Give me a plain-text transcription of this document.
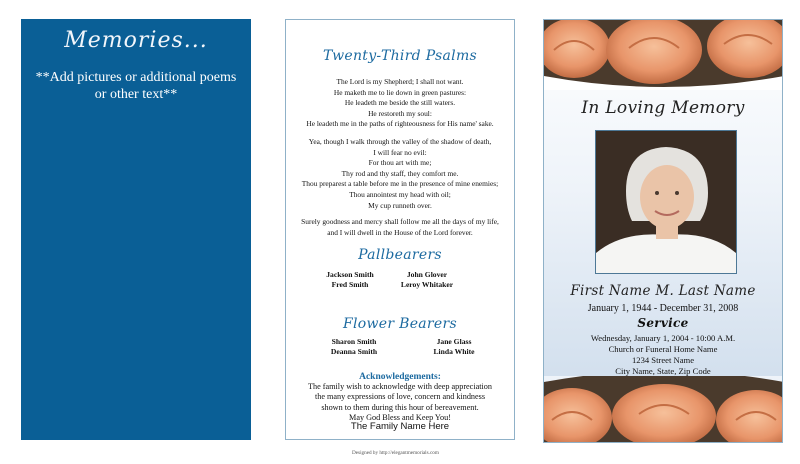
Memories...
**Add pictures or additional poems
or other text**
Twenty-Third Psalms
The Lord is my Shepherd; I shall not want.
He maketh me to lie down in green pastures:
He leadeth me beside the still waters.
He restoreth my soul:
He leadeth me in the paths of righteousness for His name' sake.
Yea, though I walk through the valley of the shadow of death,
I will fear no evil:
For thou art with me;
Thy rod and thy staff, they comfort me.
Thou preparest a table before me in the presence of mine enemies;
Thou annointest my head with oil;
My cup runneth over.
Surely goodness and mercy shall follow me all the days of my life,
and I will dwell in the House of the Lord forever.
Pallbearers
Jackson Smith
Fred Smith
John Glover
Leroy Whitaker
Flower Bearers
Sharon Smith
Deanna Smith
Jane Glass
Linda White
Acknowledgements:
The family wish to acknowledge with deep appreciation
the many expressions of love, concern and kindness
shown to them during this hour of bereavement.
May God Bless and Keep You!
The Family Name Here
In Loving Memory
First Name M. Last Name
January 1, 1944 - December 31, 2008
Service
Wednesday, January 1, 2004 - 10:00 A.M.
Church or Funeral Home Name
1234 Street Name
City Name, State, Zip Code
Designed by http://elegantmemorials.com
